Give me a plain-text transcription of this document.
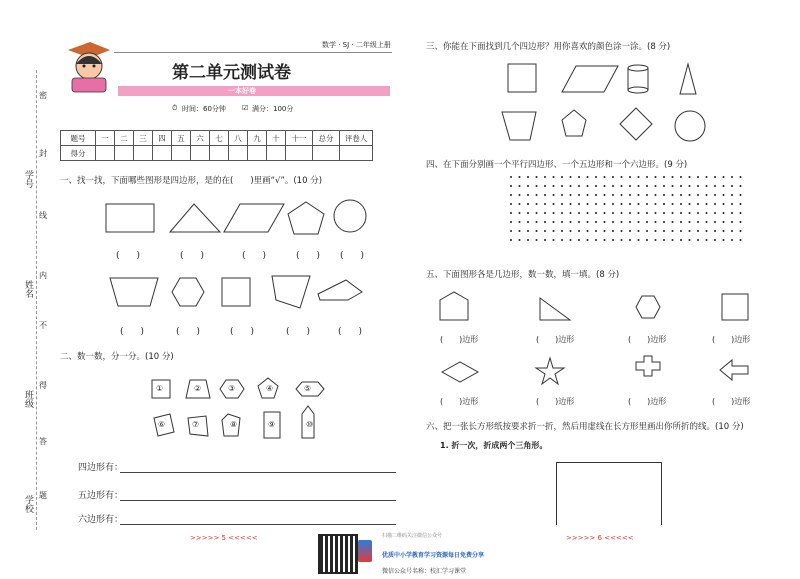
学号
姓名
班级
学校
密
封
线
内
不
得
答
题
数学 · SJ · 二年级上册
第二单元测试卷
一本好卷
⏱ 时间：60分钟 ☑ 满分：100分
题号	一	二	三	四	五	六	七	八	九	十	十一	总分	评卷人
得分													
一、找一找，下面哪些图形是四边形，是的在(　　)里画“√”。(10 分)
(　)	(　)	(　)	(　) (　)
(　)	(　)	(　)	(　)	(　)
二、数一数，分一分。(10 分)
①	②	③	④	⑤
⑥	⑦	⑧	⑨	⑩
四边形有：
五边形有：
六边形有：
三、你能在下面找到几个四边形？用你喜欢的颜色涂一涂。(8 分)
四、在下面分别画一个平行四边形、一个五边形和一个六边形。(9 分)
五、下面图形各是几边形，数一数，填一填。(8 分)
(　　)边形	(　　)边形	(　　)边形	(　　)边形
(　　)边形	(　　)边形	(　　)边形	(　　)边形
六、把一张长方形纸按要求折一折，然后用虚线在长方形里画出你所折的线。(10 分)
1. 折一次，折成两个三角形。
>>>>> 5 <<<<<	>>>>> 6 <<<<<
扫描二维码关注微信公众号
优质中小学教育学习资源每日免费分享
微信公众号名称：校汇学习课堂
